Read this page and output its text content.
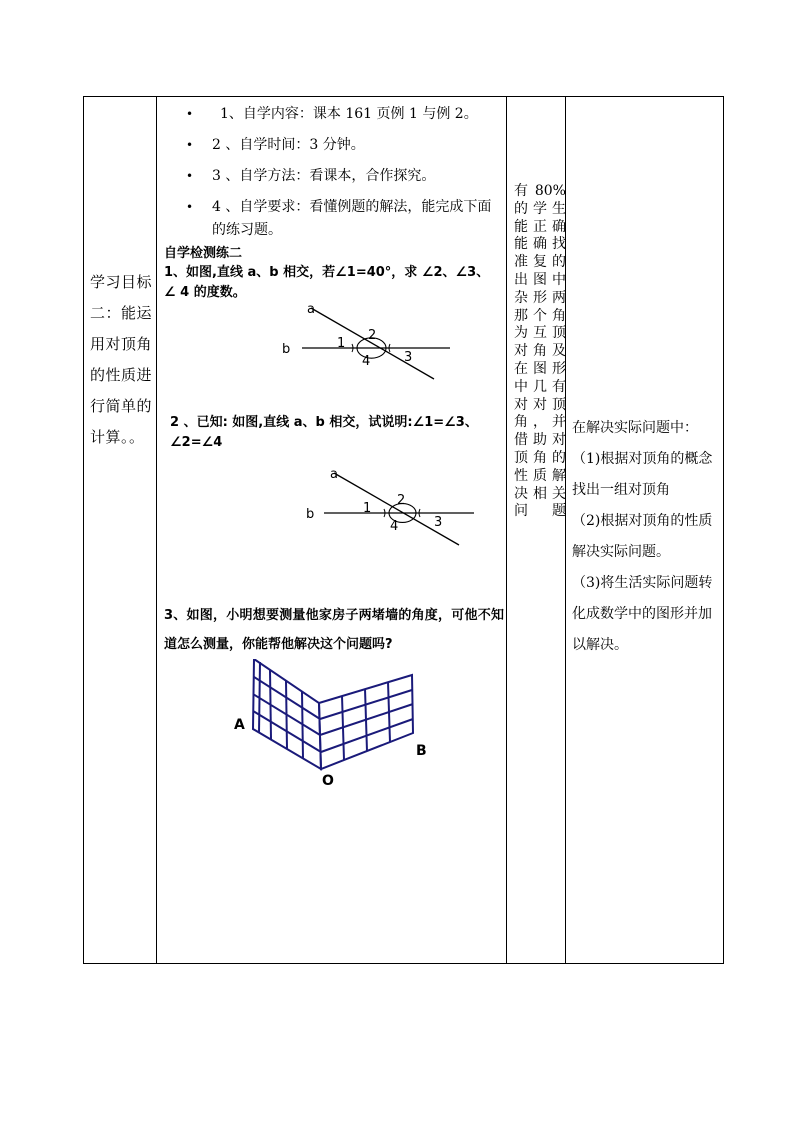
学习目标二：能运用对顶角的性质进行简单的计算。。
• 1、自学内容：课本 161 页例 1 与例 2。
• 2 、自学时间：3 分钟。
• 3 、自学方法：看课本，合作探究。
• 4 、自学要求：看懂例题的解法，能完成下面的练习题。
自学检测练二
1、如图,直线 a、b 相交，若∠1=40°，求 ∠2、∠3、 ∠ 4 的度数。
a
b	1
2
3
4
2 、已知: 如图,直线 a、b 相交，试说明:∠1=∠3、 ∠2=∠4
a
b	1
2
3
4
3、如图，小明想要测量他家房子两堵墙的角度，可他不知道怎么测量，你能帮他解决这个问题吗?
A
B
O
有 80%的学生能正确能确找准复的出图中杂形两那个角为互顶对角及在图形中几有对对顶角，并借助对顶角的性质解决相关问题
在解决实际问题中：
（1)根据对顶角的概念找出一组对顶角
（2)根据对顶角的性质解决实际问题。
（3)将生活实际问题转化成数学中的图形并加以解决。
